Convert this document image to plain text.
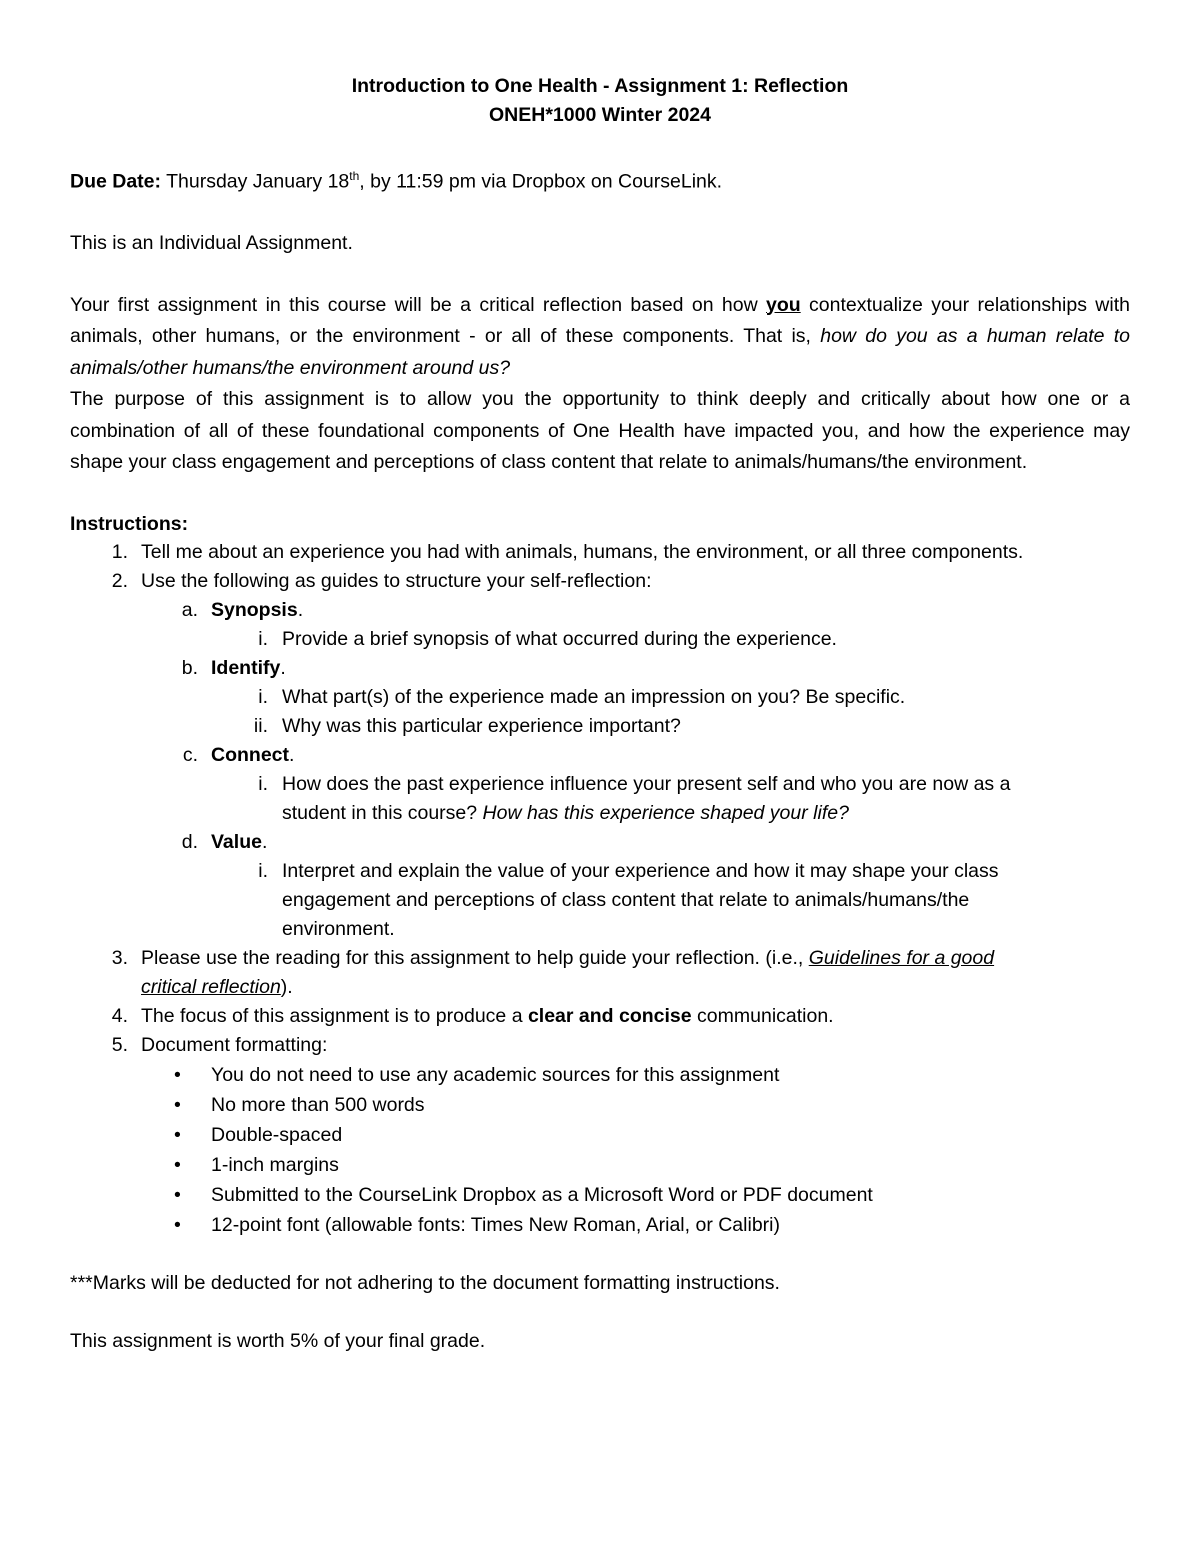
Introduction to One Health - Assignment 1: Reflection
ONEH*1000 Winter 2024

Due Date: Thursday January 18th, by 11:59 pm via Dropbox on CourseLink.

This is an Individual Assignment.

Your first assignment in this course will be a critical reflection based on how you contextualize your relationships with animals, other humans, or the environment - or all of these components. That is, how do you as a human relate to animals/other humans/the environment around us?

The purpose of this assignment is to allow you the opportunity to think deeply and critically about how one or a combination of all of these foundational components of One Health have impacted you, and how the experience may shape your class engagement and perceptions of class content that relate to animals/humans/the environment.

Instructions:

1. Tell me about an experience you had with animals, humans, the environment, or all three components.
2. Use the following as guides to structure your self-reflection:
a. Synopsis.
i. Provide a brief synopsis of what occurred during the experience.
b. Identify.
i. What part(s) of the experience made an impression on you? Be specific.
ii. Why was this particular experience important?
c. Connect.
i. How does the past experience influence your present self and who you are now as a
student in this course? How has this experience shaped your life?
d. Value.
i. Interpret and explain the value of your experience and how it may shape your class
engagement and perceptions of class content that relate to animals/humans/the
environment.
3. Please use the reading for this assignment to help guide your reflection. (i.e., Guidelines for a good
critical reflection).
4. The focus of this assignment is to produce a clear and concise communication.
5. Document formatting:
• You do not need to use any academic sources for this assignment
• No more than 500 words
• Double-spaced
• 1-inch margins
• Submitted to the CourseLink Dropbox as a Microsoft Word or PDF document
• 12-point font (allowable fonts: Times New Roman, Arial, or Calibri)

***Marks will be deducted for not adhering to the document formatting instructions.

This assignment is worth 5% of your final grade.
